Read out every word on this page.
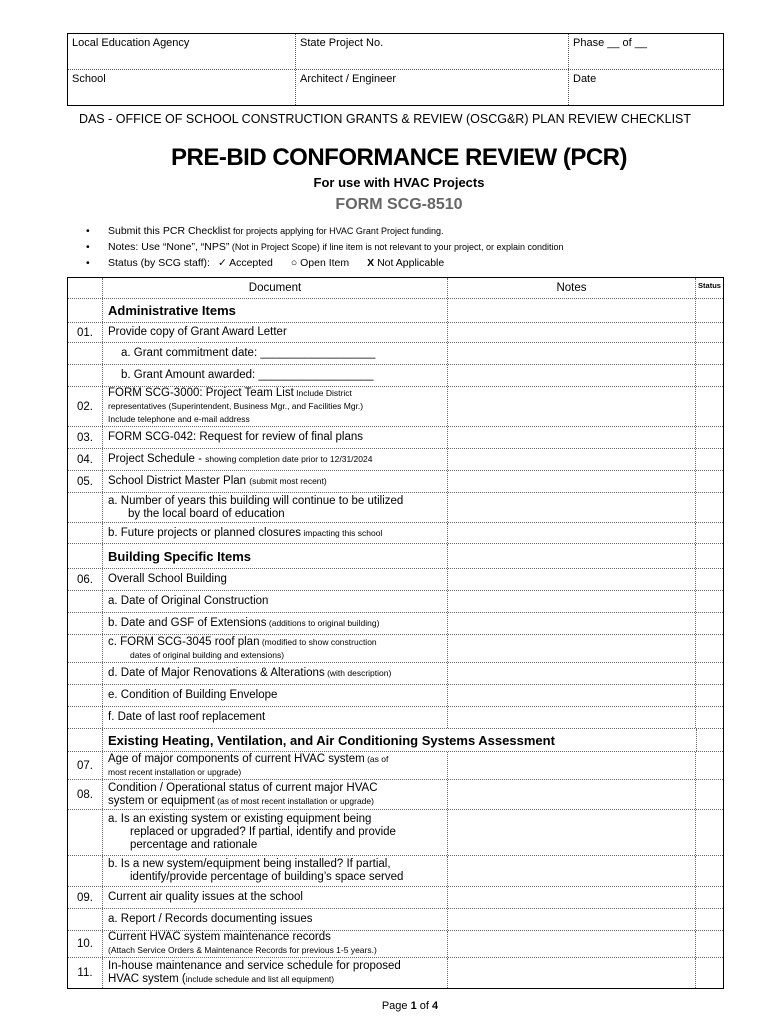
Local Education Agency	State Project No.	Phase __ of __
School	Architect / Engineer	Date
DAS - OFFICE OF SCHOOL CONSTRUCTION GRANTS & REVIEW (OSCG&R) PLAN REVIEW CHECKLIST
PRE-BID CONFORMANCE REVIEW (PCR)
For use with HVAC Projects
FORM SCG-8510
• Submit this PCR Checklist for projects applying for HVAC Grant Project funding.
• Notes: Use “None”, “NPS” (Not in Project Scope) if line item is not relevant to your project, or explain condition
• Status (by SCG staff): ✓ Accepted ○ Open Item X Not Applicable
Document	Notes	Status
Administrative Items
01.	Provide copy of Grant Award Letter
a. Grant commitment date: __________________
b. Grant Amount awarded: __________________
02.
FORM SCG-3000: Project Team List Include District
representatives (Superintendent, Business Mgr., and Facilities Mgr.)
Include telephone and e-mail address
03.	FORM SCG-042: Request for review of final plans
04.	Project Schedule - showing completion date prior to 12/31/2024
05.	School District Master Plan (submit most recent)
a. Number of years this building will continue to be utilized
by the local board of education
b. Future projects or planned closures impacting this school
Building Specific Items
06.	Overall School Building
a. Date of Original Construction
b. Date and GSF of Extensions (additions to original building)
c. FORM SCG-3045 roof plan (modified to show construction
dates of original building and extensions)
d. Date of Major Renovations & Alterations (with description)
e. Condition of Building Envelope
f. Date of last roof replacement
Existing Heating, Ventilation, and Air Conditioning Systems Assessment
07.
Age of major components of current HVAC system (as of
most recent installation or upgrade)
08.
Condition / Operational status of current major HVAC
system or equipment (as of most recent installation or upgrade)
a. Is an existing system or existing equipment being
replaced or upgraded? If partial, identify and provide
percentage and rationale
b. Is a new system/equipment being installed? If partial,
identify/provide percentage of building’s space served
09.	Current air quality issues at the school
a. Report / Records documenting issues
10.
Current HVAC system maintenance records
(Attach Service Orders & Maintenance Records for previous 1-5 years.)
11.
In-house maintenance and service schedule for proposed
HVAC system (include schedule and list all equipment)
Page 1 of 4
